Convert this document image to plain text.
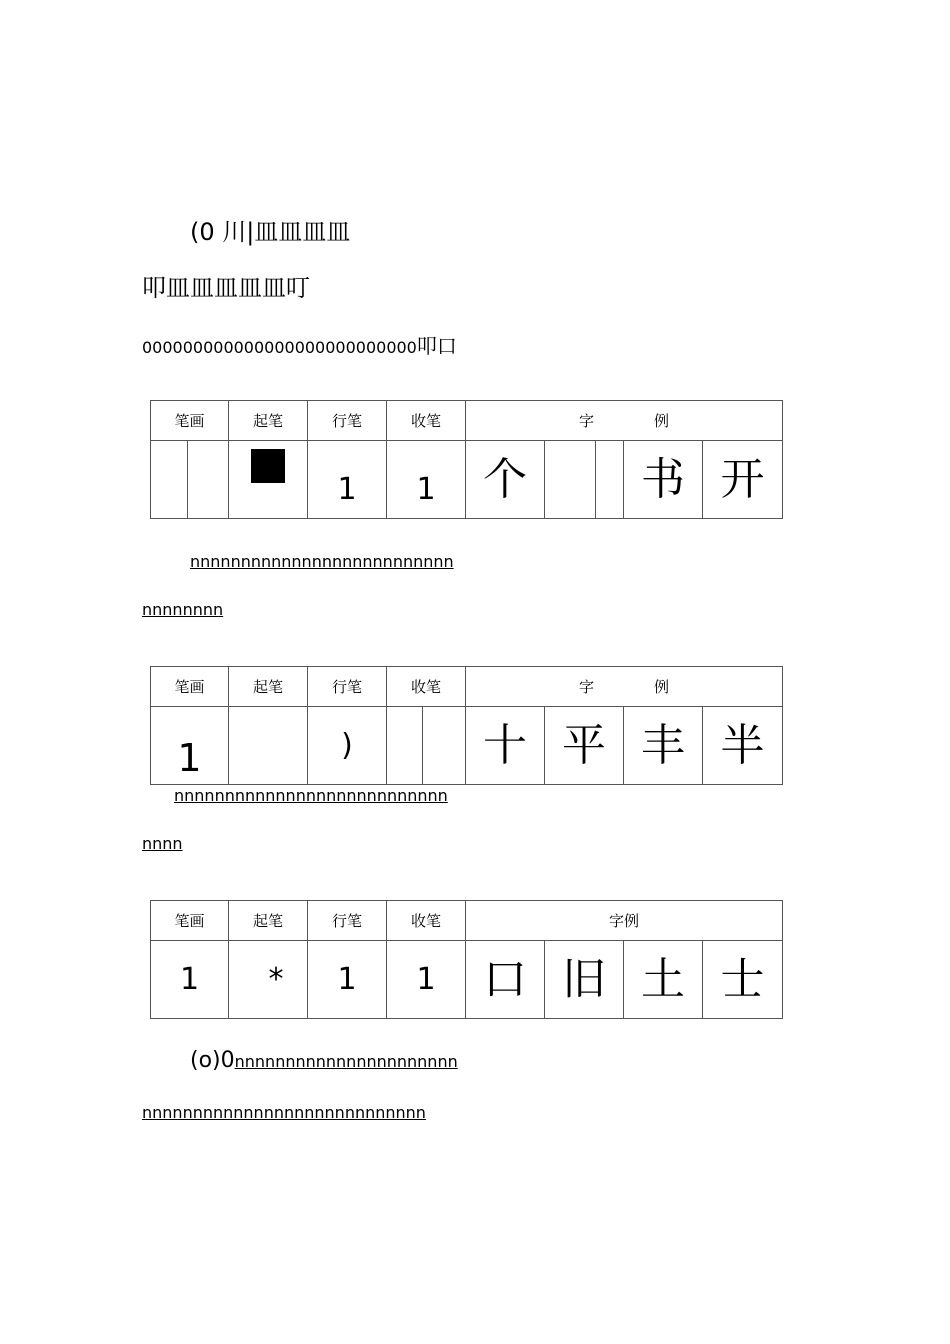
(0 川|皿皿皿皿
叩皿皿皿皿皿叮
000000000000000000000000000叩口
笔画	起笔	行笔	收笔	字 例			

		1	1	个		书	开
nnnnnnnnnnnnnnnnnnnnnnnnnn
nnnnnnnn
笔画	起笔	行笔	收笔	字 例			
1		)		十	平	丰	半
nnnnnnnnnnnnnnnnnnnnnnnnnnn
nnnn
笔画	起笔	行笔	收笔	字例			
1	*	1	1	口	旧	土	士
(o)0nnnnnnnnnnnnnnnnnnnnnn
nnnnnnnnnnnnnnnnnnnnnnnnnnnn
